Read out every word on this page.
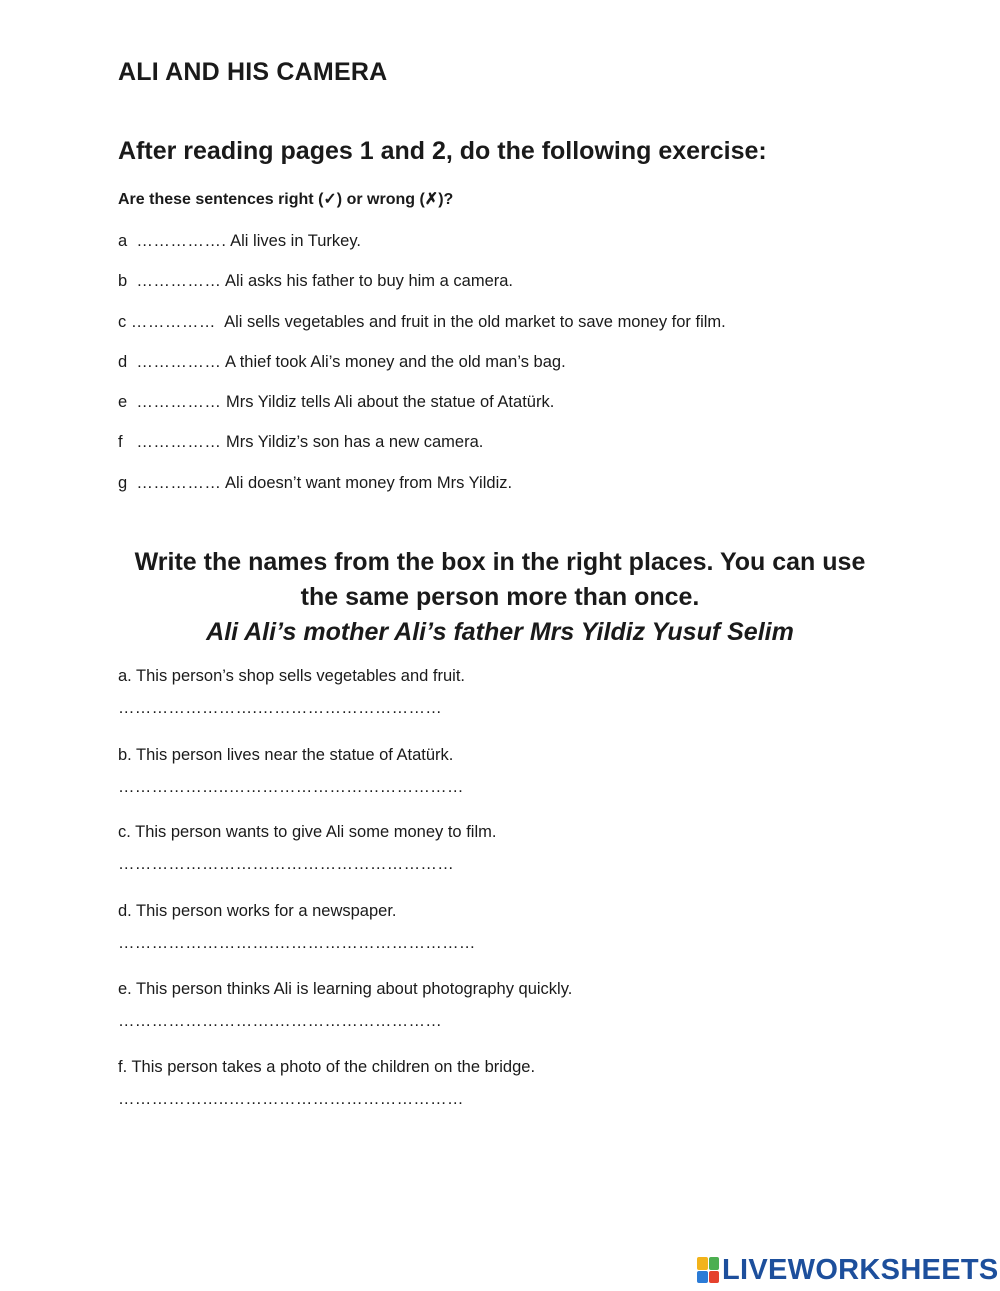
ALI AND HIS CAMERA
After reading pages 1 and 2, do the following exercise:
Are these sentences right (✓) or wrong (✗)?
a ……………. Ali lives in Turkey.
b …………… Ali asks his father to buy him a camera.
c …………… Ali sells vegetables and fruit in the old market to save money for film.
d …………… A thief took Ali’s money and the old man’s bag.
e …………… Mrs Yildiz tells Ali about the statue of Atatürk.
f …………… Mrs Yildiz’s son has a new camera.
g …………… Ali doesn’t want money from Mrs Yildiz.
Write the names from the box in the right places. You can use
the same person more than once.
Ali Ali’s mother Ali’s father Mrs Yildiz Yusuf Selim
a. This person’s shop sells vegetables and fruit.
…………………….……………………………
b. This person lives near the statue of Atatürk.
………………..……………………………………
c. This person wants to give Ali some money to film.
……………………………………………………
d. This person works for a newspaper.
……………………….………………………………
e. This person thinks Ali is learning about photography quickly.
……………………….…………………………
f. This person takes a photo of the children on the bridge.
………………..……………………………………
LIVEWORKSHEETS
